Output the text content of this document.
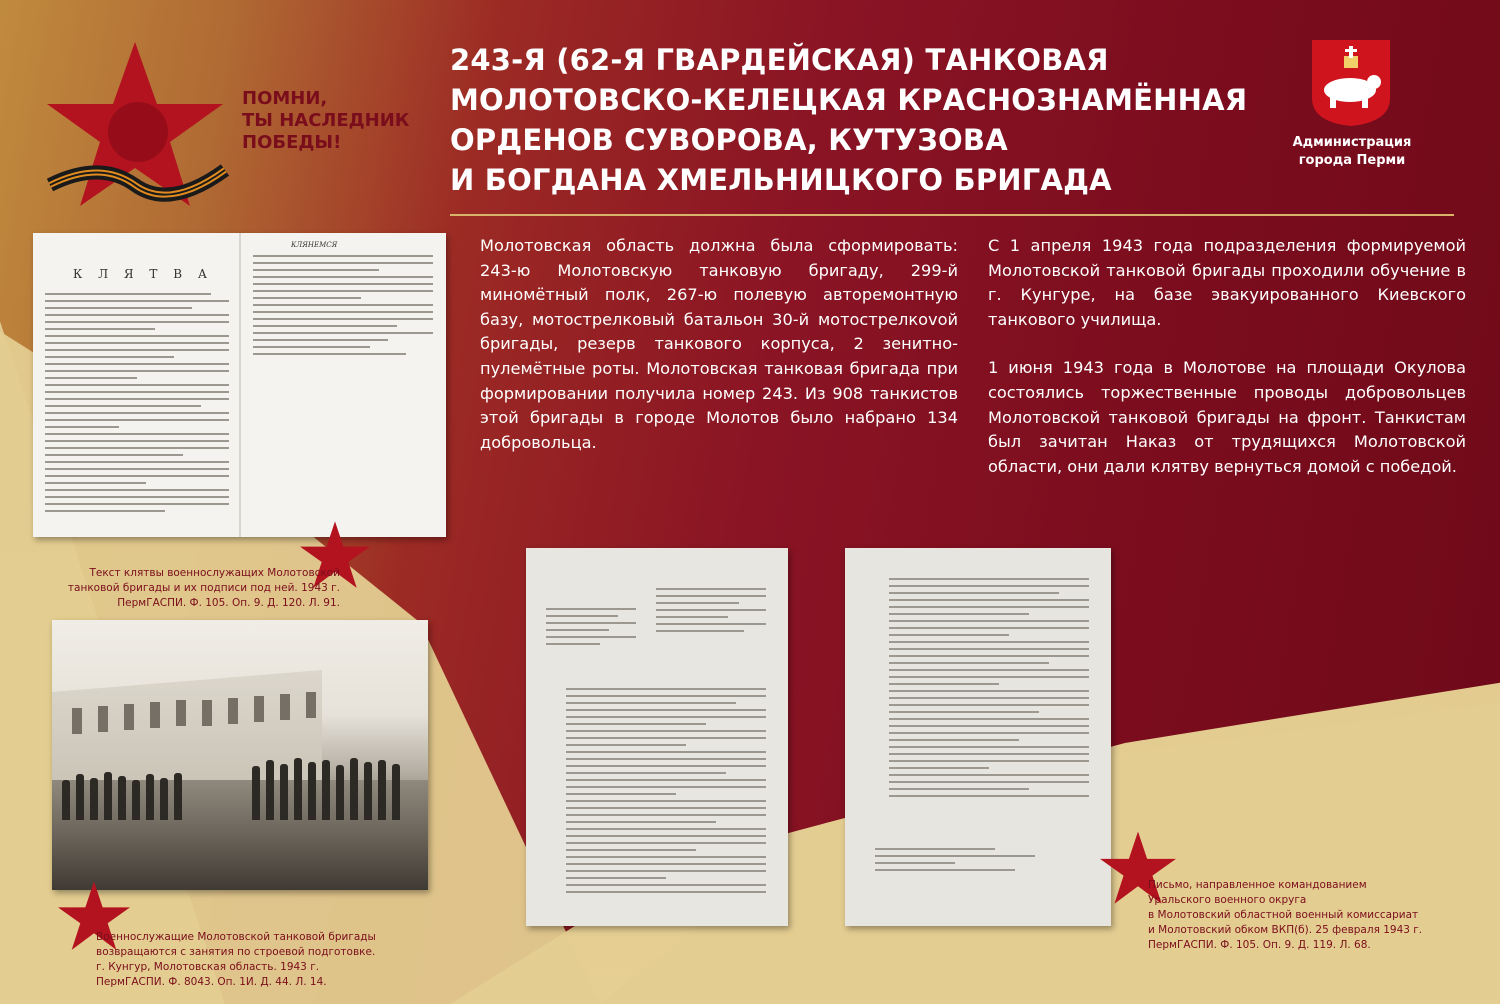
ПОМНИ,
ТЫ НАСЛЕДНИК
ПОБЕДЫ!
243-Я (62-Я ГВАРДЕЙСКАЯ) ТАНКОВАЯ
МОЛОТОВСКО-КЕЛЕЦКАЯ КРАСНОЗНАМЁННАЯ
ОРДЕНОВ СУВОРОВА, КУТУЗОВА
И БОГДАНА ХМЕЛЬНИЦКОГО БРИГАДА
Администрация
города Перми

Молотовская область должна была сформировать: 243-ю Молотовскую танковую бригаду, 299-й миномётный полк, 267-ю полевую авторемонтную базу, мотострелковый батальон 30-й мотострелкоvой бригады, резерв танкового корпуса, 2 зенитно-пулемётные роты. Молотовская танковая бригада при формировании получила номер 243. Из 908 танкистов этой бригады в городе Молотов было набрано 134 добровольца.

С 1 апреля 1943 года подразделения формируемой Молотовской танковой бригады проходили обучение в г. Кунгуре, на базе эвакуированного Киевского танкового училища.

1 июня 1943 года в Молотове на площади Окулова состоялись торжественные проводы добровольцев Молотовской танковой бригады на фронт. Танкистам был зачитан Наказ от трудящихся Молотовской области, они дали клятву вернуться домой с победой.

К Л Я Т В А
КЛЯНЕМСЯ
Текст клятвы военнослужащих Молотовской
танковой бригады и их подписи под ней. 1943 г.
ПермГАСПИ. Ф. 105. Оп. 9. Д. 120. Л. 91.
Военнослужащие Молотовской танковой бригады
возвращаются с занятия по строевой подготовке.
г. Кунгур, Молотовская область. 1943 г.
ПермГАСПИ. Ф. 8043. Оп. 1И. Д. 44. Л. 14.
Письмо, направленное командованием
Уральского военного округа
в Молотовский областной военный комиссариат
и Молотовский обком ВКП(б). 25 февраля 1943 г.
ПермГАСПИ. Ф. 105. Оп. 9. Д. 119. Л. 68.
